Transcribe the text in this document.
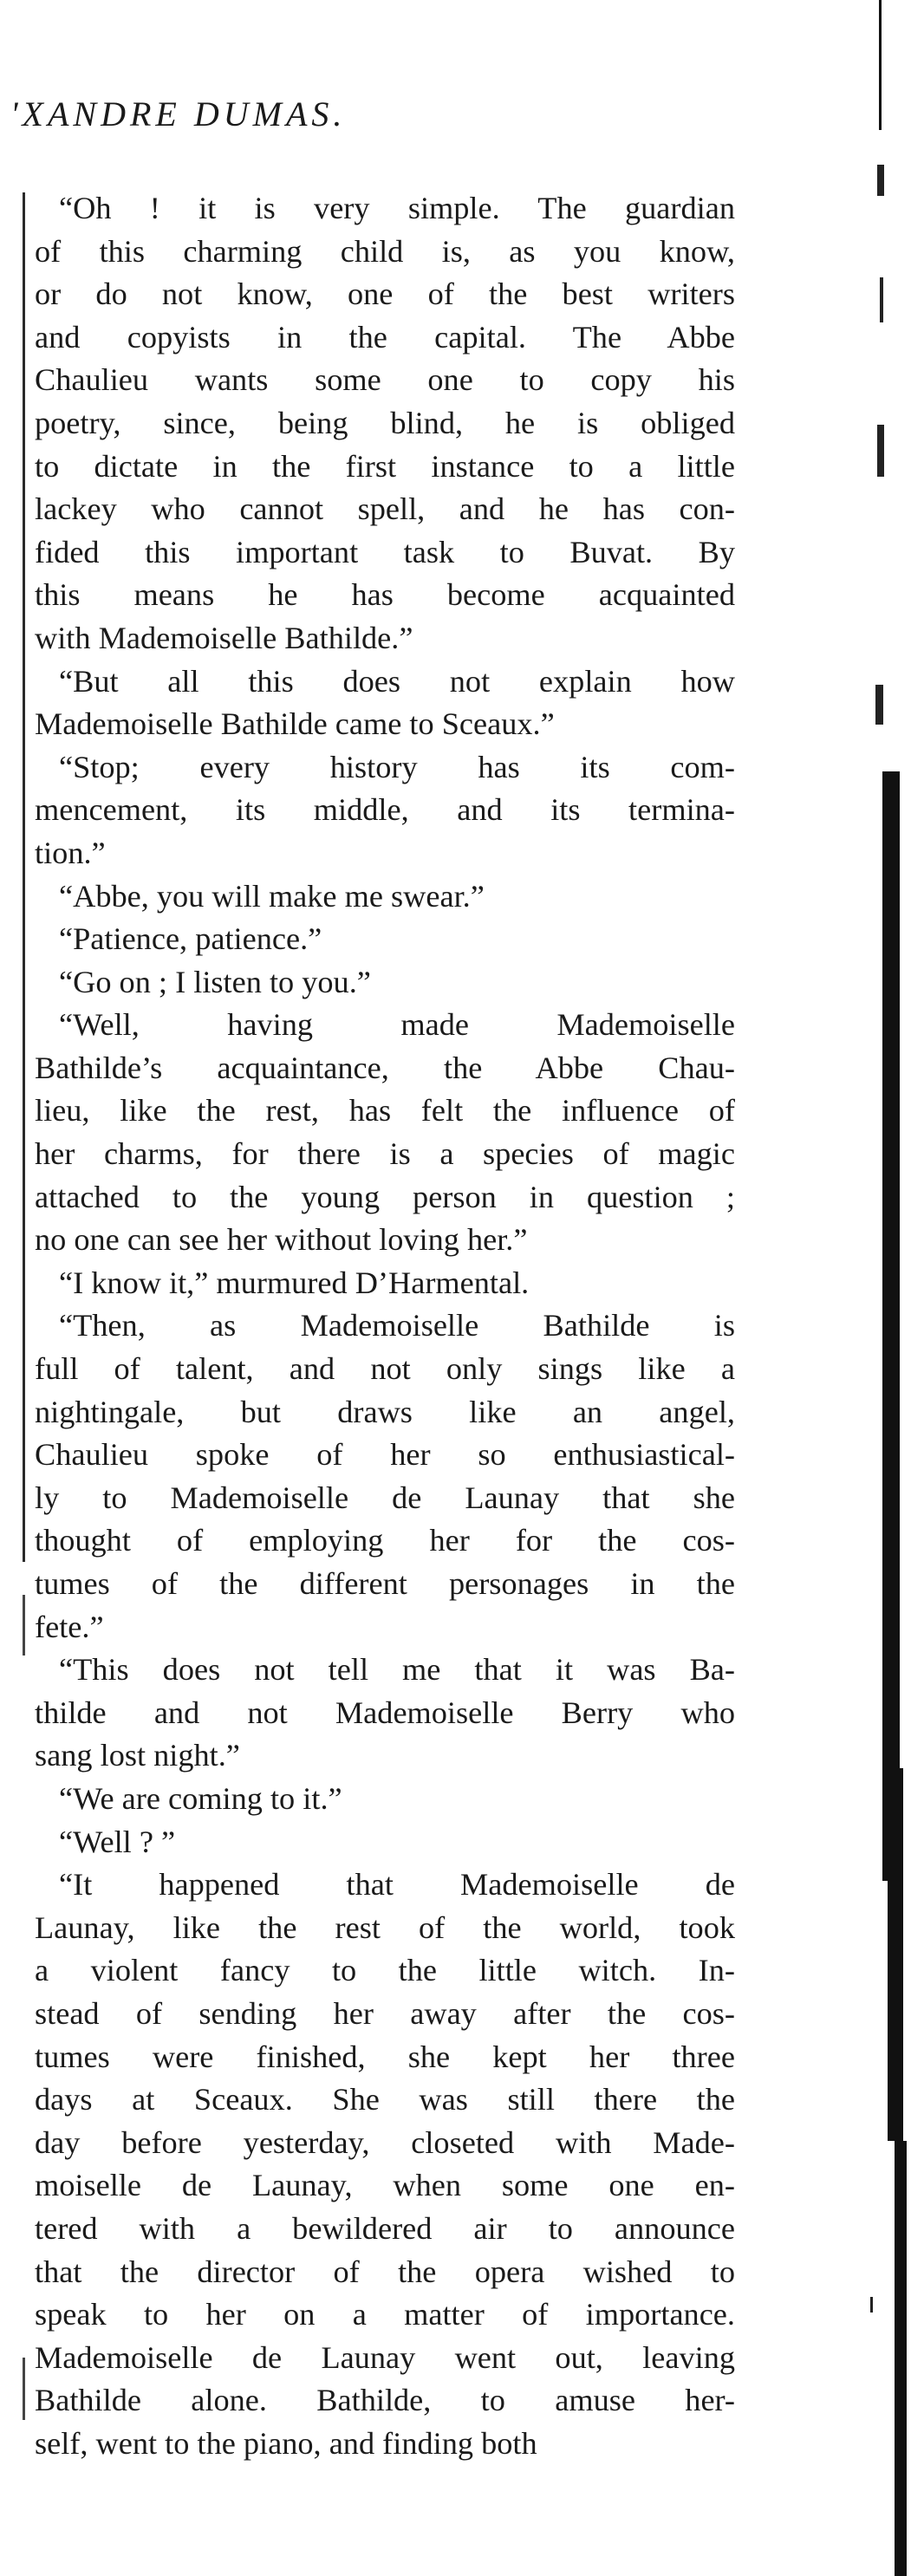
'XANDRE DUMAS.

“Oh ! it is very simple. The guardian
of this charming child is, as you know,
or do not know, one of the best writers
and copyists in the capital. The Abbe
Chaulieu wants some one to copy his
poetry, since, being blind, he is obliged
to dictate in the first instance to a little
lackey who cannot spell, and he has con-
fided this important task to Buvat. By
this means he has become acquainted
with Mademoiselle Bathilde.”

“But all this does not explain how
Mademoiselle Bathilde came to Sceaux.”

“Stop; every history has its com-
mencement, its middle, and its termina-
tion.”

“Abbe, you will make me swear.”

“Patience, patience.”

“Go on ; I listen to you.”

“Well, having made Mademoiselle
Bathilde’s acquaintance, the Abbe Chau-
lieu, like the rest, has felt the influence of
her charms, for there is a species of magic
attached to the young person in question ;
no one can see her without loving her.”

“I know it,” murmured D’Harmental.

“Then, as Mademoiselle Bathilde is
full of talent, and not only sings like a
nightingale, but draws like an angel,
Chaulieu spoke of her so enthusiastical-
ly to Mademoiselle de Launay that she
thought of employing her for the cos-
tumes of the different personages in the
fete.”

“This does not tell me that it was Ba-
thilde and not Mademoiselle Berry who
sang lost night.”

“We are coming to it.”

“Well ? ”

“It happened that Mademoiselle de
Launay, like the rest of the world, took
a violent fancy to the little witch. In-
stead of sending her away after the cos-
tumes were finished, she kept her three
days at Sceaux. She was still there the
day before yesterday, closeted with Made-
moiselle de Launay, when some one en-
tered with a bewildered air to announce
that the director of the opera wished to
speak to her on a matter of importance.
Mademoiselle de Launay went out, leaving
Bathilde alone. Bathilde, to amuse her-
self, went to the piano, and finding both
